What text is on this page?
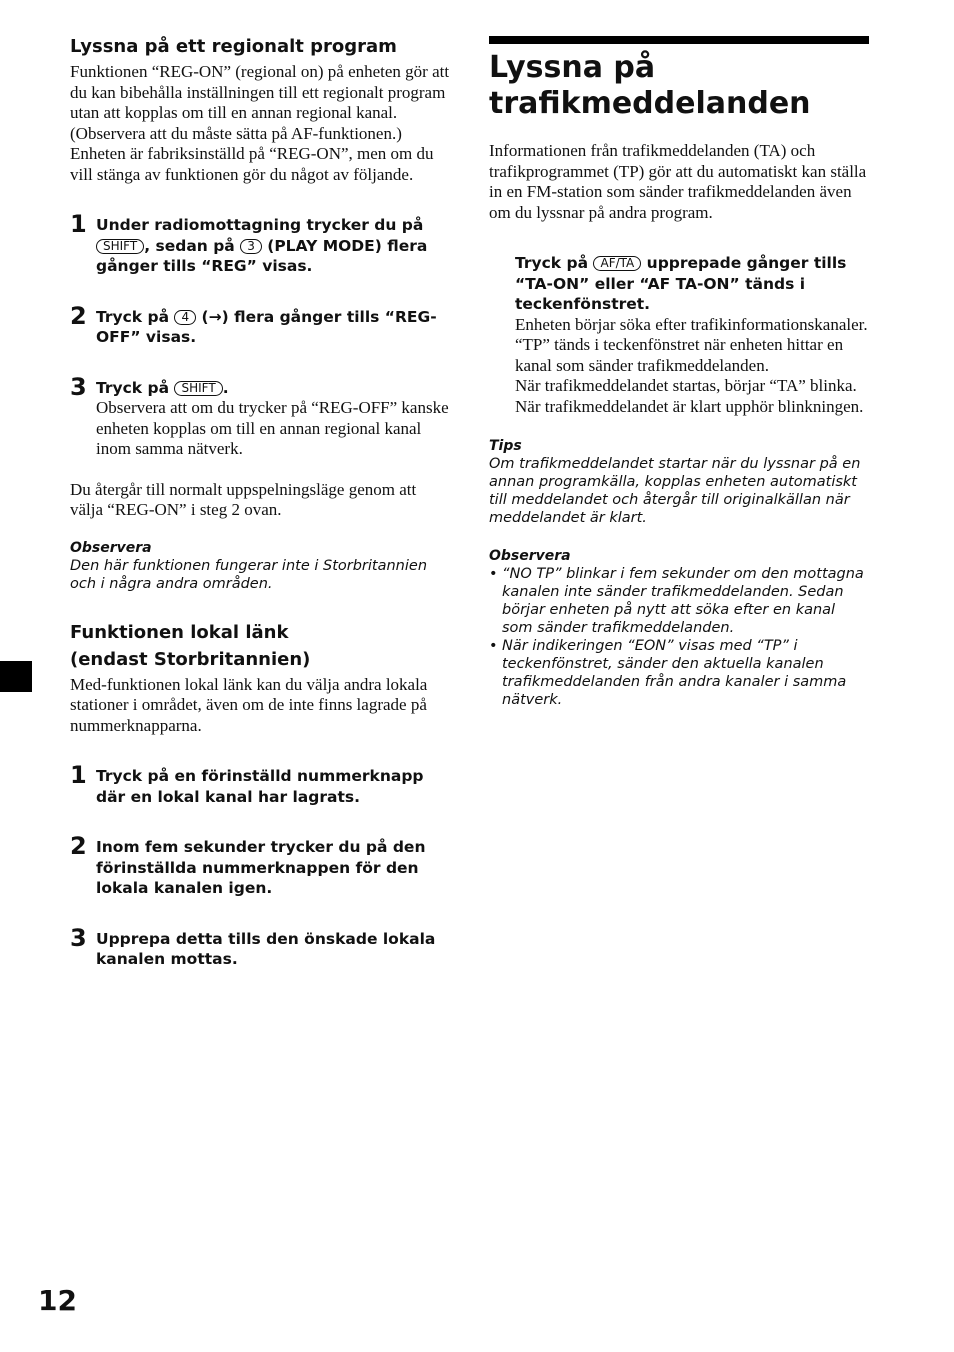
Lyssna på ett regionalt program

Funktionen “REG-ON” (regional on) på enheten gör att du kan bibehålla inställningen till ett regionalt program utan att kopplas om till en annan regional kanal. (Observera att du måste sätta på AF-funktionen.) Enheten är fabriksinställd på “REG-ON”, men om du vill stänga av funktionen gör du något av följande.

1 Under radiomottagning trycker du på
SHIFT , sedan på 3 (PLAY MODE) flera gånger tills “REG” visas.

2 Tryck på 4 (→) flera gånger tills “REG-OFF” visas.

3 Tryck på SHIFT .

Observera att om du trycker på “REG-OFF” kanske enheten kopplas om till en annan regional kanal inom samma nätverk.

Du återgår till normalt uppspelningsläge genom att välja “REG-ON” i steg 2 ovan.

Observera

Den här funktionen fungerar inte i Storbritannien och i några andra områden.

Funktionen lokal länk
(endast Storbritannien)

Med-funktionen lokal länk kan du välja andra lokala stationer i området, även om de inte finns lagrade på nummerknapparna.

1 Tryck på en förinställd nummerknapp där en lokal kanal har lagrats.

2 Inom fem sekunder trycker du på den förinställda nummerknappen för den lokala kanalen igen.

3 Upprepa detta tills den önskade lokala kanalen mottas.

Lyssna på
trafikmeddelanden

Informationen från trafikmeddelanden (TA) och trafikprogrammet (TP) gör att du automatiskt kan ställa in en FM-station som sänder trafikmeddelanden även om du lyssnar på andra program.

Tryck på AF/TA upprepade gånger tills “TA-ON” eller “AF TA-ON” tänds i teckenfönstret.

Enheten börjar söka efter trafikinformationskanaler. “TP” tänds i teckenfönstret när enheten hittar en kanal som sänder trafikmeddelanden.

När trafikmeddelandet startas, börjar “TA” blinka. När trafikmeddelandet är klart upphör blinkningen.

Tips

Om trafikmeddelandet startar när du lyssnar på en annan programkälla, kopplas enheten automatiskt till meddelandet och återgår till originalkällan när meddelandet är klart.

Observera

• “NO TP” blinkar i fem sekunder om den mottagna kanalen inte sänder trafikmeddelanden. Sedan börjar enheten på nytt att söka efter en kanal som sänder trafikmeddelanden.
• När indikeringen “EON” visas med “TP” i teckenfönstret, sänder den aktuella kanalen trafikmeddelanden från andra kanaler i samma nätverk.
12
